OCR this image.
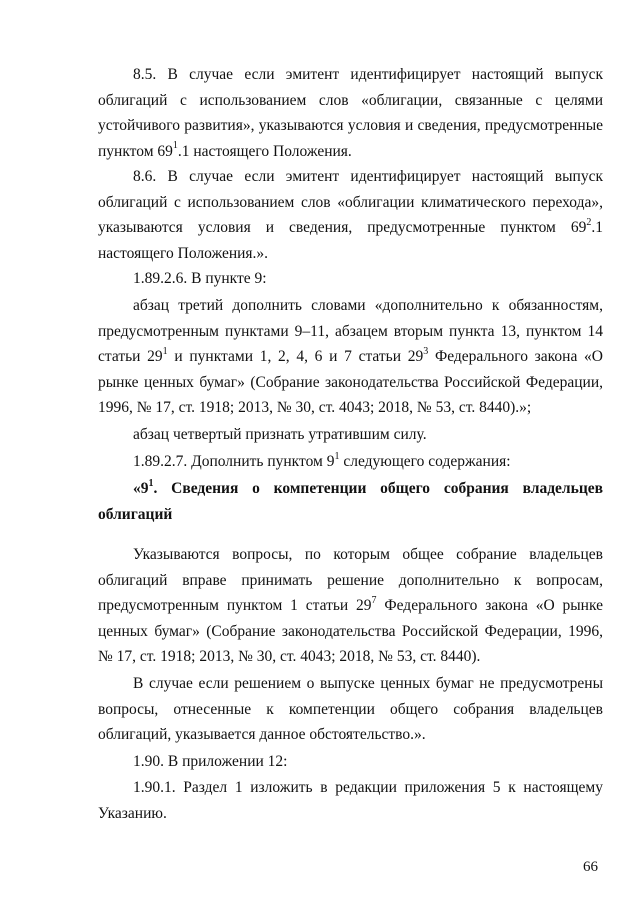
8.5. В случае если эмитент идентифицирует настоящий выпуск облигаций с использованием слов «облигации, связанные с целями устойчивого развития», указываются условия и сведения, предусмотренные пунктом $69^1.1$ настоящего Положения.

8.6. В случае если эмитент идентифицирует настоящий выпуск облигаций с использованием слов «облигации климатического перехода», указываются условия и сведения, предусмотренные пунктом $69^2.1$ настоящего Положения.».

1.89.2.6. В пункте 9:

абзац третий дополнить словами «дополнительно к обязанностям, предусмотренным пунктами 9–11, абзацем вторым пункта 13, пунктом 14 статьи $29^1$ и пунктами 1, 2, 4, 6 и 7 статьи $29^3$ Федерального закона «О рынке ценных бумаг» (Собрание законодательства Российской Федерации, 1996, № 17, ст. 1918; 2013, № 30, ст. 4043; 2018, № 53, ст. 8440).»;

абзац четвертый признать утратившим силу.

1.89.2.7. Дополнить пунктом $9^1$ следующего содержания:

«$9^1$. Сведения о компетенции общего собрания владельцев облигаций

Указываются вопросы, по которым общее собрание владельцев облигаций вправе принимать решение дополнительно к вопросам, предусмотренным пунктом 1 статьи $29^7$ Федерального закона «О рынке ценных бумаг» (Собрание законодательства Российской Федерации, 1996, № 17, ст. 1918; 2013, № 30, ст. 4043; 2018, № 53, ст. 8440).

В случае если решением о выпуске ценных бумаг не предусмотрены вопросы, отнесенные к компетенции общего собрания владельцев облигаций, указывается данное обстоятельство.».

1.90. В приложении 12:

1.90.1. Раздел 1 изложить в редакции приложения 5 к настоящему Указанию.

66
